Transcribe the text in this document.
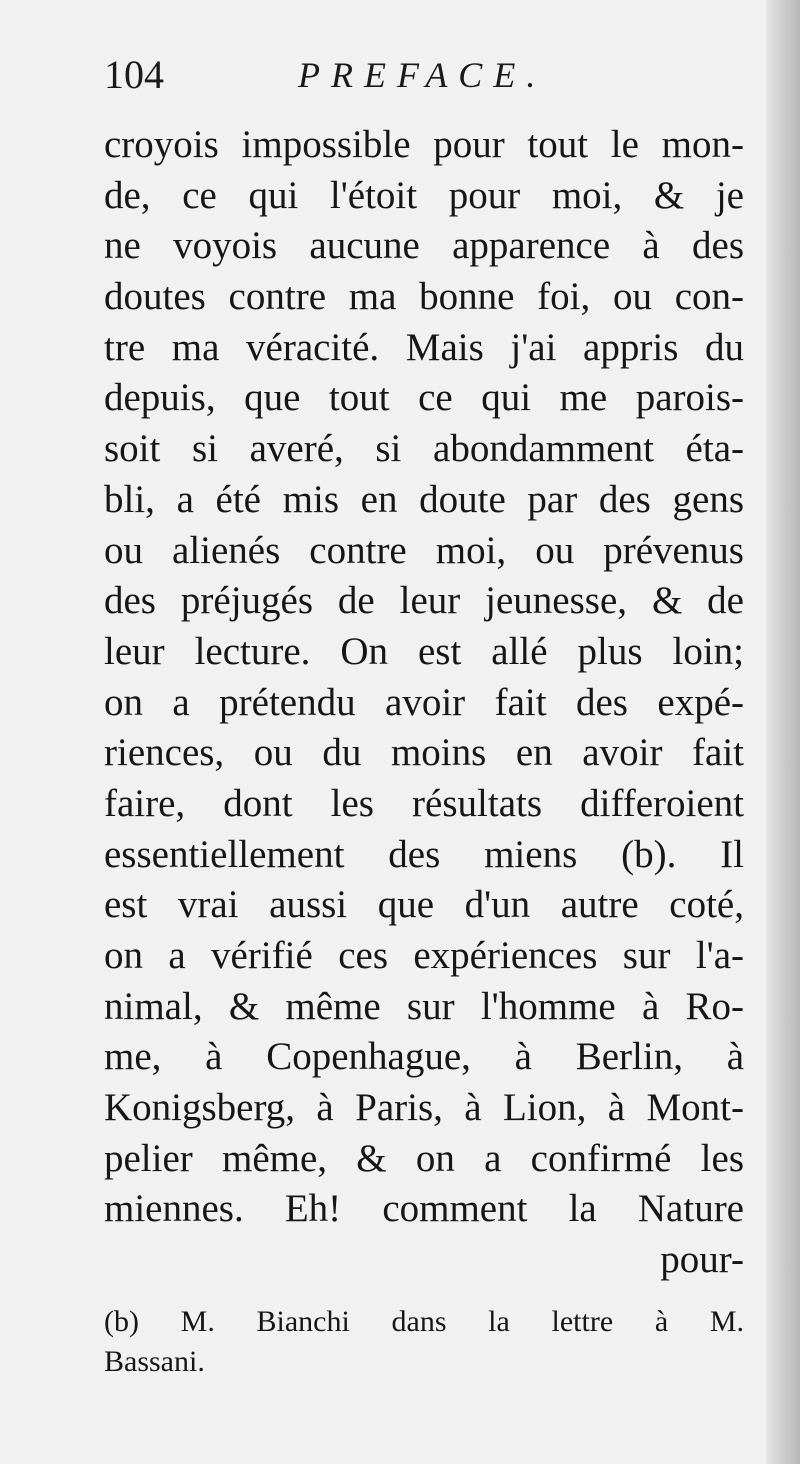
104	PREFACE.
croyois impossible pour tout le mon-
de, ce qui l'étoit pour moi, & je
ne voyois aucune apparence à des
doutes contre ma bonne foi, ou con-
tre ma véracité. Mais j'ai appris du
depuis, que tout ce qui me parois-
soit si averé, si abondamment éta-
bli, a été mis en doute par des gens
ou alienés contre moi, ou prévenus
des préjugés de leur jeunesse, & de
leur lecture. On est allé plus loin;
on a prétendu avoir fait des expé-
riences, ou du moins en avoir fait
faire, dont les résultats differoient
essentiellement des miens (b). Il
est vrai aussi que d'un autre coté,
on a vérifié ces expériences sur l'a-
nimal, & même sur l'homme à Ro-
me, à Copenhague, à Berlin, à
Konigsberg, à Paris, à Lion, à Mont-
pelier même, & on a confirmé les
miennes. Eh! comment la Nature
pour-
(b) M. Bianchi dans la lettre à M.
Bassani.
